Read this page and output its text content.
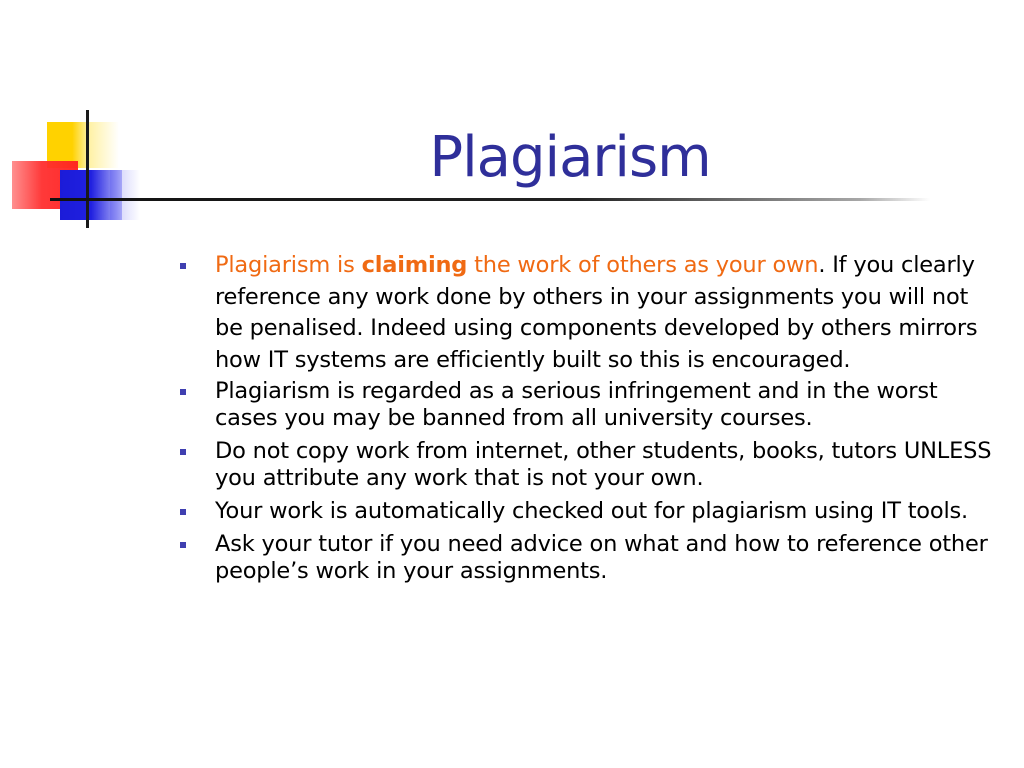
Plagiarism
Plagiarism is claiming the work of others as your own. If you clearly reference any work done by others in your assignments you will not be penalised. Indeed using components developed by others mirrors how IT systems are efficiently built so this is encouraged.
Plagiarism is regarded as a serious infringement and in the worst cases you may be banned from all university courses.
Do not copy work from internet, other students, books, tutors UNLESS you attribute any work that is not your own.
Your work is automatically checked out for plagiarism using IT tools.
Ask your tutor if you need advice on what and how to reference other people’s work in your assignments.
